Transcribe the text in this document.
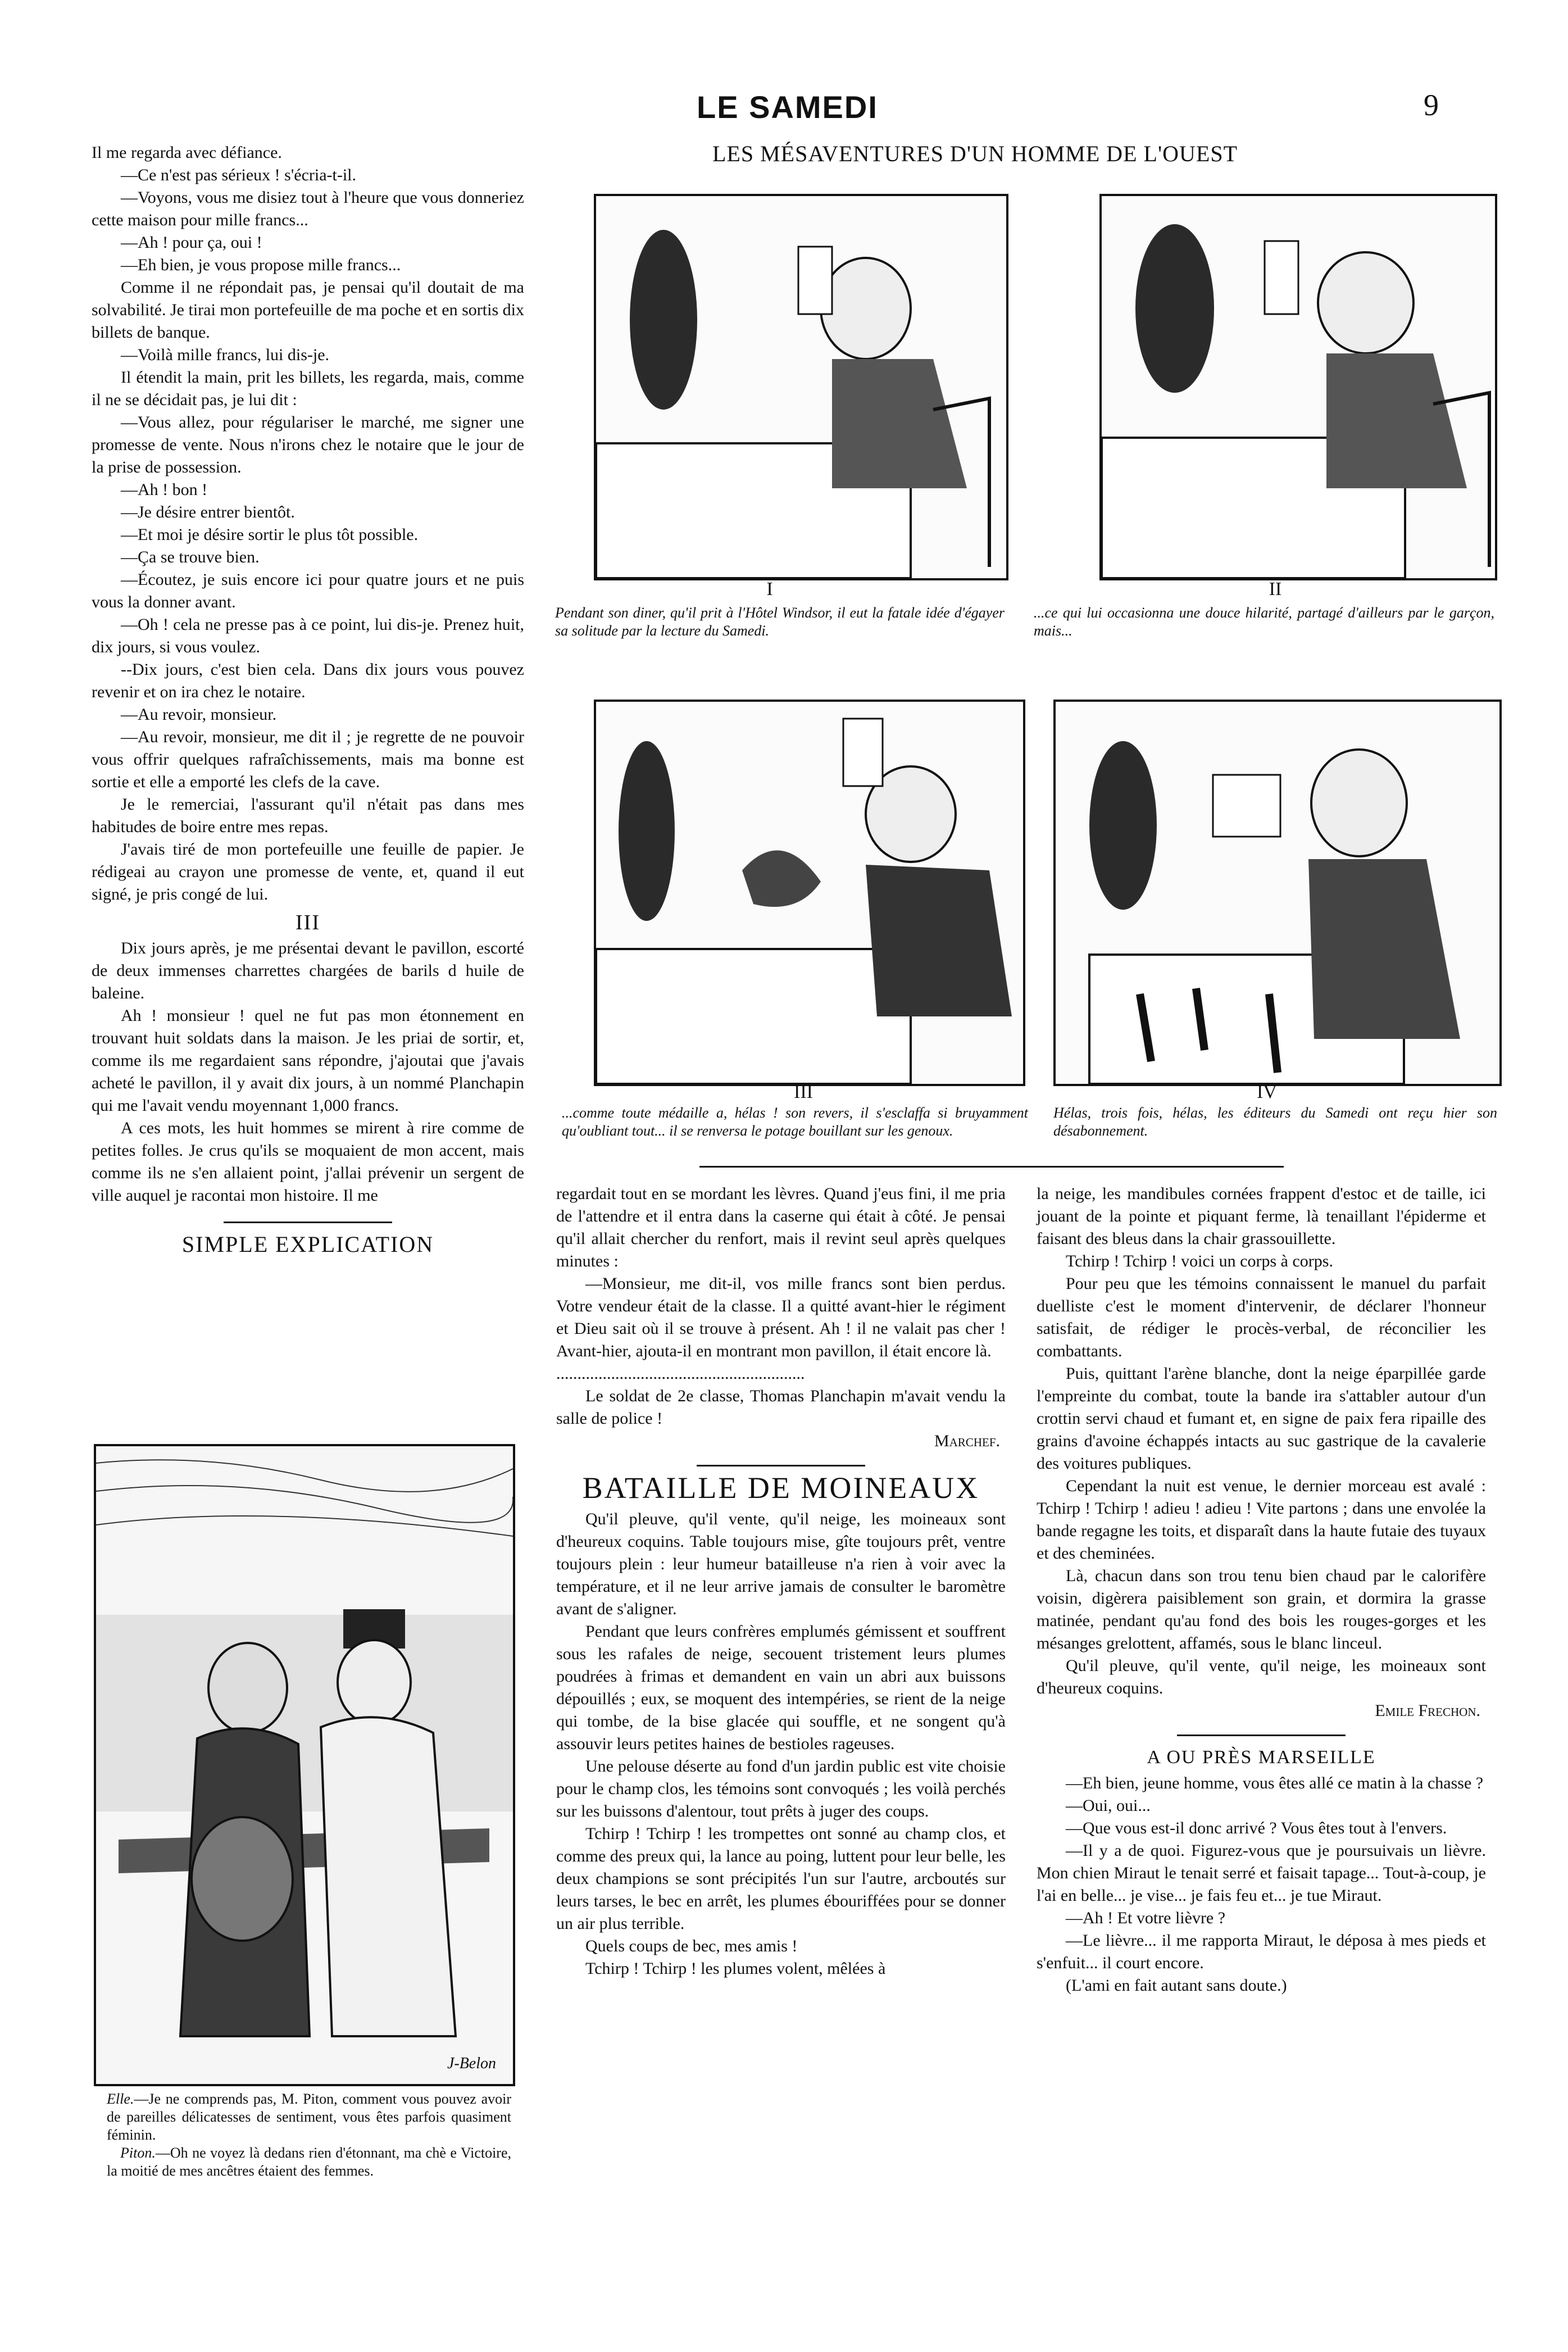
LE SAMEDI	9

Il me regarda avec défiance.

—Ce n'est pas sérieux ! s'écria-t-il.

—Voyons, vous me disiez tout à l'heure que vous donneriez cette maison pour mille francs...

—Ah ! pour ça, oui !

—Eh bien, je vous propose mille francs...

Comme il ne répondait pas, je pensai qu'il doutait de ma solvabilité. Je tirai mon portefeuille de ma poche et en sortis dix billets de banque.

—Voilà mille francs, lui dis-je.

Il étendit la main, prit les billets, les regarda, mais, comme il ne se décidait pas, je lui dit :

—Vous allez, pour régulariser le marché, me signer une promesse de vente. Nous n'irons chez le notaire que le jour de la prise de possession.

—Ah ! bon !

—Je désire entrer bientôt.

—Et moi je désire sortir le plus tôt possible.

—Ça se trouve bien.

—Écoutez, je suis encore ici pour quatre jours et ne puis vous la donner avant.

—Oh ! cela ne presse pas à ce point, lui dis-je. Prenez huit, dix jours, si vous voulez.

--Dix jours, c'est bien cela. Dans dix jours vous pouvez revenir et on ira chez le notaire.

—Au revoir, monsieur.

—Au revoir, monsieur, me dit il ; je regrette de ne pouvoir vous offrir quelques rafraîchissements, mais ma bonne est sortie et elle a emporté les clefs de la cave.

Je le remerciai, l'assurant qu'il n'était pas dans mes habitudes de boire entre mes repas.

J'avais tiré de mon portefeuille une feuille de papier. Je rédigeai au crayon une promesse de vente, et, quand il eut signé, je pris congé de lui.

III

Dix jours après, je me présentai devant le pavillon, escorté de deux immenses charrettes chargées de barils d huile de baleine.

Ah ! monsieur ! quel ne fut pas mon étonnement en trouvant huit soldats dans la maison. Je les priai de sortir, et, comme ils me regardaient sans répondre, j'ajoutai que j'avais acheté le pavillon, il y avait dix jours, à un nommé Planchapin qui me l'avait vendu moyennant 1,000 francs.

A ces mots, les huit hommes se mirent à rire comme de petites folles. Je crus qu'ils se moquaient de mon accent, mais comme ils ne s'en allaient point, j'allai prévenir un sergent de ville auquel je racontai mon histoire. Il me

SIMPLE EXPLICATION
J-Belon
Elle.—Je ne comprends pas, M. Piton, comment vous pouvez avoir de pareilles délicatesses de sentiment, vous êtes parfois quasiment féminin.
Piton.—Oh ne voyez là dedans rien d'étonnant, ma chè e Victoire, la moitié de mes ancêtres étaient des femmes.
LES MÉSAVENTURES D'UN HOMME DE L'OUEST
I
Pendant son diner, qu'il prit à l'Hôtel Windsor, il eut la fatale idée d'égayer sa solitude par la lecture du Samedi.
II
...ce qui lui occasionna une douce hilarité, partagé d'ailleurs par le garçon, mais...
III
...comme toute médaille a, hélas ! son revers, il s'esclaffa si bruyamment qu'oubliant tout... il se renversa le potage bouillant sur les genoux.
IV
Hélas, trois fois, hélas, les éditeurs du Samedi ont reçu hier son désabonnement.

regardait tout en se mordant les lèvres. Quand j'eus fini, il me pria de l'attendre et il entra dans la caserne qui était à côté. Je pensai qu'il allait chercher du renfort, mais il revint seul après quelques minutes :

—Monsieur, me dit-il, vos mille francs sont bien perdus. Votre vendeur était de la classe. Il a quitté avant-hier le régiment et Dieu sait où il se trouve à présent. Ah ! il ne valait pas cher ! Avant-hier, ajouta-il en montrant mon pavillon, il était encore là.

...........................................................

Le soldat de 2e classe, Thomas Planchapin m'avait vendu la salle de police !

Marchef.
BATAILLE DE MOINEAUX

Qu'il pleuve, qu'il vente, qu'il neige, les moineaux sont d'heureux coquins. Table toujours mise, gîte toujours prêt, ventre toujours plein : leur humeur batailleuse n'a rien à voir avec la température, et il ne leur arrive jamais de consulter le baromètre avant de s'aligner.

Pendant que leurs confrères emplumés gémissent et souffrent sous les rafales de neige, secouent tristement leurs plumes poudrées à frimas et demandent en vain un abri aux buissons dépouillés ; eux, se moquent des intempéries, se rient de la neige qui tombe, de la bise glacée qui souffle, et ne songent qu'à assouvir leurs petites haines de bestioles rageuses.

Une pelouse déserte au fond d'un jardin public est vite choisie pour le champ clos, les témoins sont convoqués ; les voilà perchés sur les buissons d'alentour, tout prêts à juger des coups.

Tchirp ! Tchirp ! les trompettes ont sonné au champ clos, et comme des preux qui, la lance au poing, luttent pour leur belle, les deux champions se sont précipités l'un sur l'autre, arcboutés sur leurs tarses, le bec en arrêt, les plumes ébouriffées pour se donner un air plus terrible.

Quels coups de bec, mes amis !

Tchirp ! Tchirp ! les plumes volent, mêlées à

la neige, les mandibules cornées frappent d'estoc et de taille, ici jouant de la pointe et piquant ferme, là tenaillant l'épiderme et faisant des bleus dans la chair grassouillette.

Tchirp ! Tchirp ! voici un corps à corps.

Pour peu que les témoins connaissent le manuel du parfait duelliste c'est le moment d'intervenir, de déclarer l'honneur satisfait, de rédiger le procès-verbal, de réconcilier les combattants.

Puis, quittant l'arène blanche, dont la neige éparpillée garde l'empreinte du combat, toute la bande ira s'attabler autour d'un crottin servi chaud et fumant et, en signe de paix fera ripaille des grains d'avoine échappés intacts au suc gastrique de la cavalerie des voitures publiques.

Cependant la nuit est venue, le dernier morceau est avalé : Tchirp ! Tchirp ! adieu ! adieu ! Vite partons ; dans une envolée la bande regagne les toits, et disparaît dans la haute futaie des tuyaux et des cheminées.

Là, chacun dans son trou tenu bien chaud par le calorifère voisin, digèrera paisiblement son grain, et dormira la grasse matinée, pendant qu'au fond des bois les rouges-gorges et les mésanges grelottent, affamés, sous le blanc linceul.

Qu'il pleuve, qu'il vente, qu'il neige, les moineaux sont d'heureux coquins.

Emile Frechon.
A OU PRÈS MARSEILLE

—Eh bien, jeune homme, vous êtes allé ce matin à la chasse ?

—Oui, oui...

—Que vous est-il donc arrivé ? Vous êtes tout à l'envers.

—Il y a de quoi. Figurez-vous que je poursuivais un lièvre. Mon chien Miraut le tenait serré et faisait tapage... Tout-à-coup, je l'ai en belle... je vise... je fais feu et... je tue Miraut.

—Ah ! Et votre lièvre ?

—Le lièvre... il me rapporta Miraut, le déposa à mes pieds et s'enfuit... il court encore.

(L'ami en fait autant sans doute.)
